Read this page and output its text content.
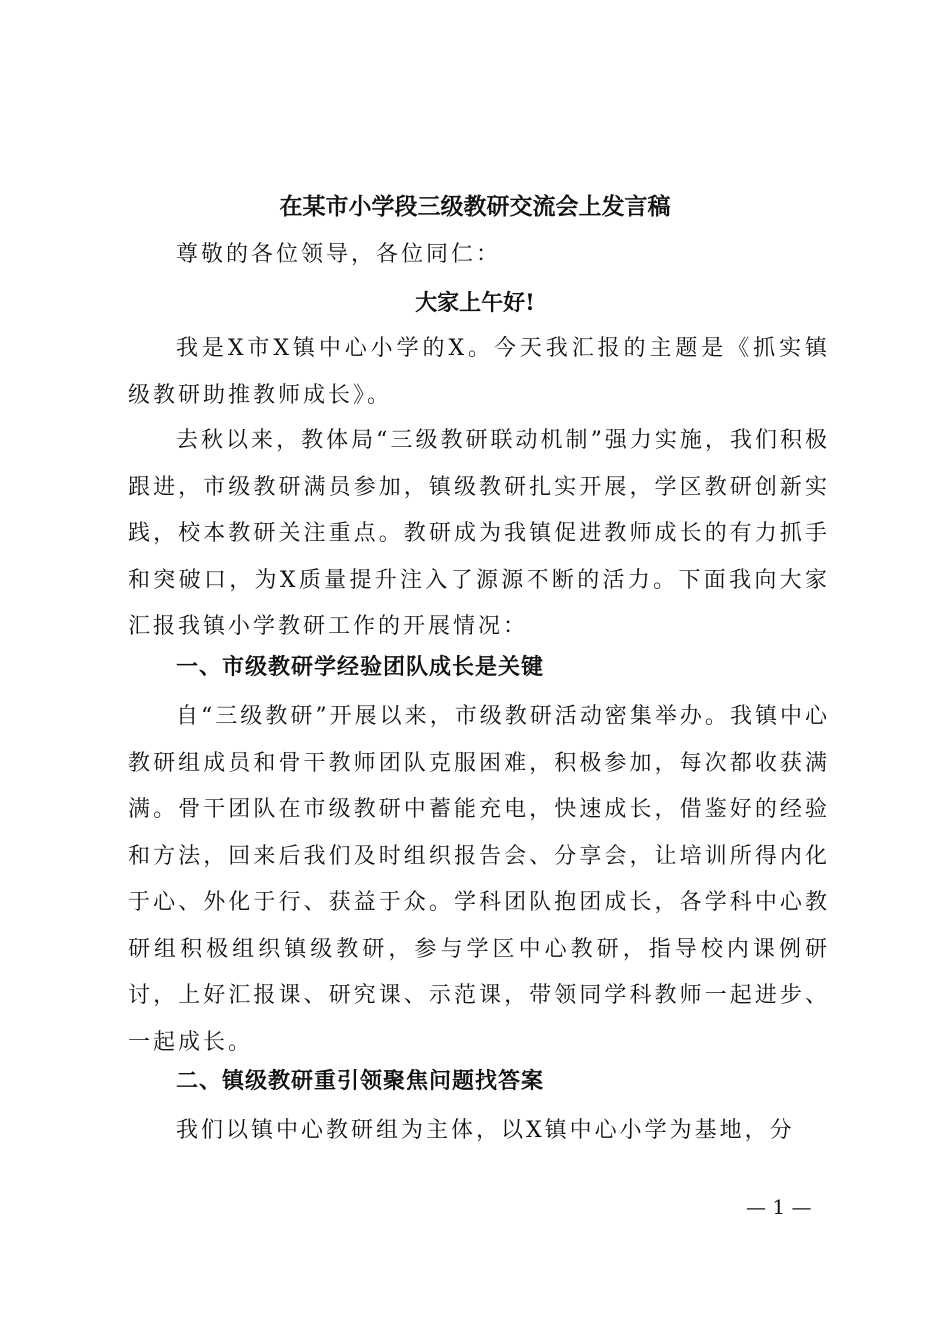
在某市小学段三级教研交流会上发言稿
尊敬的各位领导，各位同仁：
大家上午好!

我是X市X镇中心小学的X。今天我汇报的主题是《抓实镇级教研助推教师成长》。

去秋以来，教体局“三级教研联动机制”强力实施，我们积极跟进，市级教研满员参加，镇级教研扎实开展，学区教研创新实践，校本教研关注重点。教研成为我镇促进教师成长的有力抓手和突破口，为X质量提升注入了源源不断的活力。下面我向大家汇报我镇小学教研工作的开展情况：

一、市级教研学经验团队成长是关键

自“三级教研”开展以来，市级教研活动密集举办。我镇中心教研组成员和骨干教师团队克服困难，积极参加，每次都收获满满。骨干团队在市级教研中蓄能充电，快速成长，借鉴好的经验和方法，回来后我们及时组织报告会、分享会，让培训所得内化于心、外化于行、获益于众。学科团队抱团成长，各学科中心教研组积极组织镇级教研，参与学区中心教研，指导校内课例研讨，上好汇报课、研究课、示范课，带领同学科教师一起进步、一起成长。

二、镇级教研重引领聚焦问题找答案

我们以镇中心教研组为主体，以X镇中心小学为基地，分

— 1 —
